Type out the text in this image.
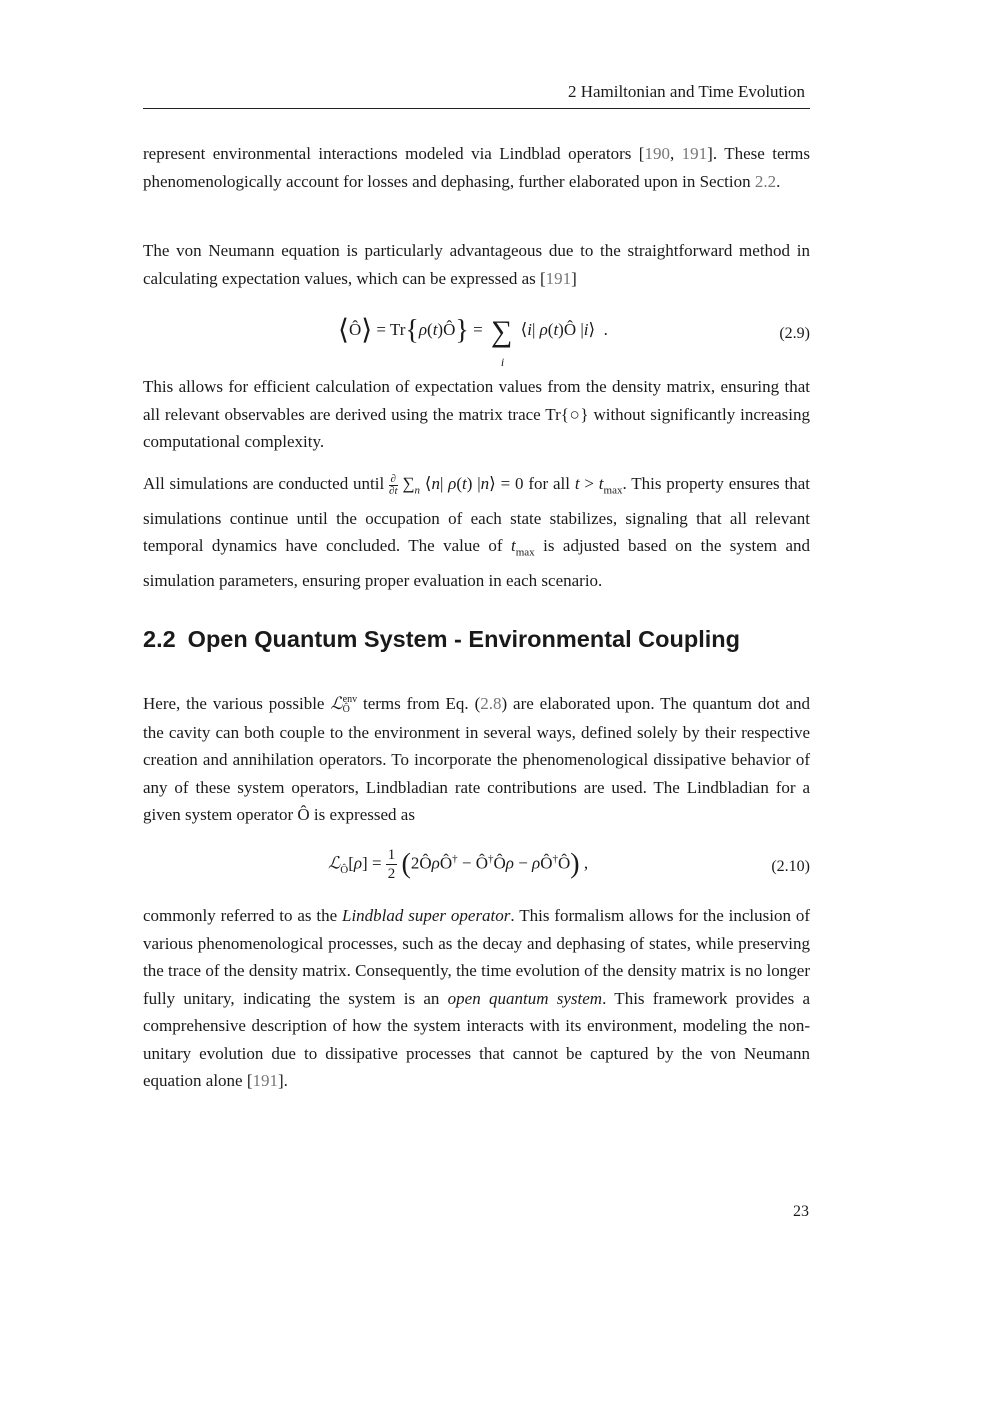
2 Hamiltonian and Time Evolution

represent environmental interactions modeled via Lindblad operators [190, 191]. These terms phenomenologically account for losses and dephasing, further elaborated upon in Section 2.2.

The von Neumann equation is particularly advantageous due to the straightforward method in calculating expectation values, which can be expressed as [191]

⟨Ô⟩ = Tr{ρ(t)Ô} = ∑
i
⟨i| ρ(t)Ô |i⟩  .	(2.9)

This allows for efficient calculation of expectation values from the density matrix, ensuring that all relevant observables are derived using the matrix trace Tr{○} without significantly increasing computational complexity.

All simulations are conducted until ∂
∂t $\sum_n$ ⟨n| ρ(t) |n⟩ = 0 for all $t > t_{max}$. This property ensures that simulations continue until the occupation of each state stabilizes, signaling that all relevant temporal dynamics have concluded. The value of $t_{max}$ is adjusted based on the system and simulation parameters, ensuring proper evaluation in each scenario.

2.2 Open Quantum System - Environmental Coupling

Here, the various possible ℒ env
Ô terms from Eq. (2.8) are elaborated upon. The quantum dot and the cavity can both couple to the environment in several ways, defined solely by their respective creation and annihilation operators. To incorporate the phenomenological dissipative behavior of any of these system operators, Lindbladian rate contributions are used. The Lindbladian for a given system operator Ô is expressed as

ℒ$_Ô$[ρ] = $\frac{1}{2}$ (2ÔρÔ† − Ô†Ôρ − ρÔ†Ô) ,	(2.10)

commonly referred to as the Lindblad super operator. This formalism allows for the inclusion of various phenomenological processes, such as the decay and dephasing of states, while preserving the trace of the density matrix. Consequently, the time evolution of the density matrix is no longer fully unitary, indicating the system is an open quantum system. This framework provides a comprehensive description of how the system interacts with its environment, modeling the non-unitary evolution due to dissipative processes that cannot be captured by the von Neumann equation alone [191].

23
